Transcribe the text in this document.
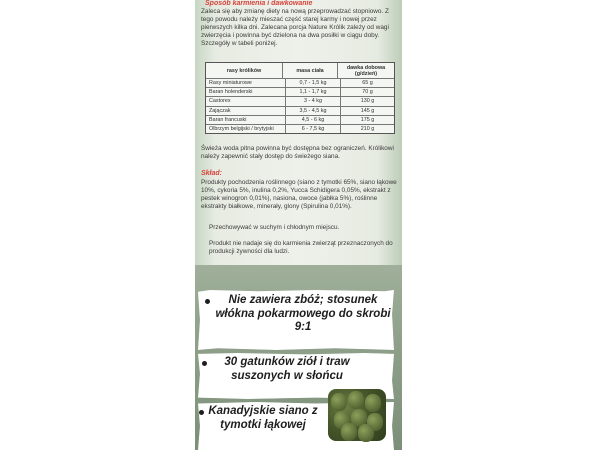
Sposób karmienia i dawkowanie
Zaleca się aby zmianę diety na nową przeprowadzać stopniowo. Z tego powodu należy mieszać część starej karmy i nowej przez pierwszych kilka dni. Zalecana porcja Nature Królik zależy od wagi zwierzęcia i powinna być dzielona na dwa posiłki w ciągu doby. Szczegóły w tabeli poniżej.
rasy królików	masa ciała	dawka dobowa (g/dzień)
Rasy miniaturowe	0,7 - 1,5 kg	65 g
Baran holenderski	1,1 - 1,7 kg	70 g
Castorex	3 - 4 kg	130 g
Zajączak	3,5 - 4,5 kg	145 g
Baran francuski	4,5 - 6 kg	175 g
Olbrzym belgijski / brytyjski	6 - 7,5 kg	210 g
Świeża woda pitna powinna być dostępna bez ograniczeń. Królikowi należy zapewnić stały dostęp do świeżego siana.
Skład:
Produkty pochodzenia roślinnego (siano z tymotki 65%, siano łąkowe 10%, cykoria 5%, inulina 0,2%, Yucca Schidigera 0,05%, ekstrakt z pestek winogron 0,01%), nasiona, owoce (jabłka 5%), roślinne ekstrakty białkowe, minerały, glony (Spirulina 0,01%).
Przechowywać w suchym i chłodnym miejscu.
Produkt nie nadaje się do karmienia zwierząt przeznaczonych do produkcji żywności dla ludzi.
Nie zawiera zbóż; stosunek włókna pokarmowego do skrobi 9:1
30 gatunków ziół i traw suszonych w słońcu
Kanadyjskie siano z tymotki łąkowej
